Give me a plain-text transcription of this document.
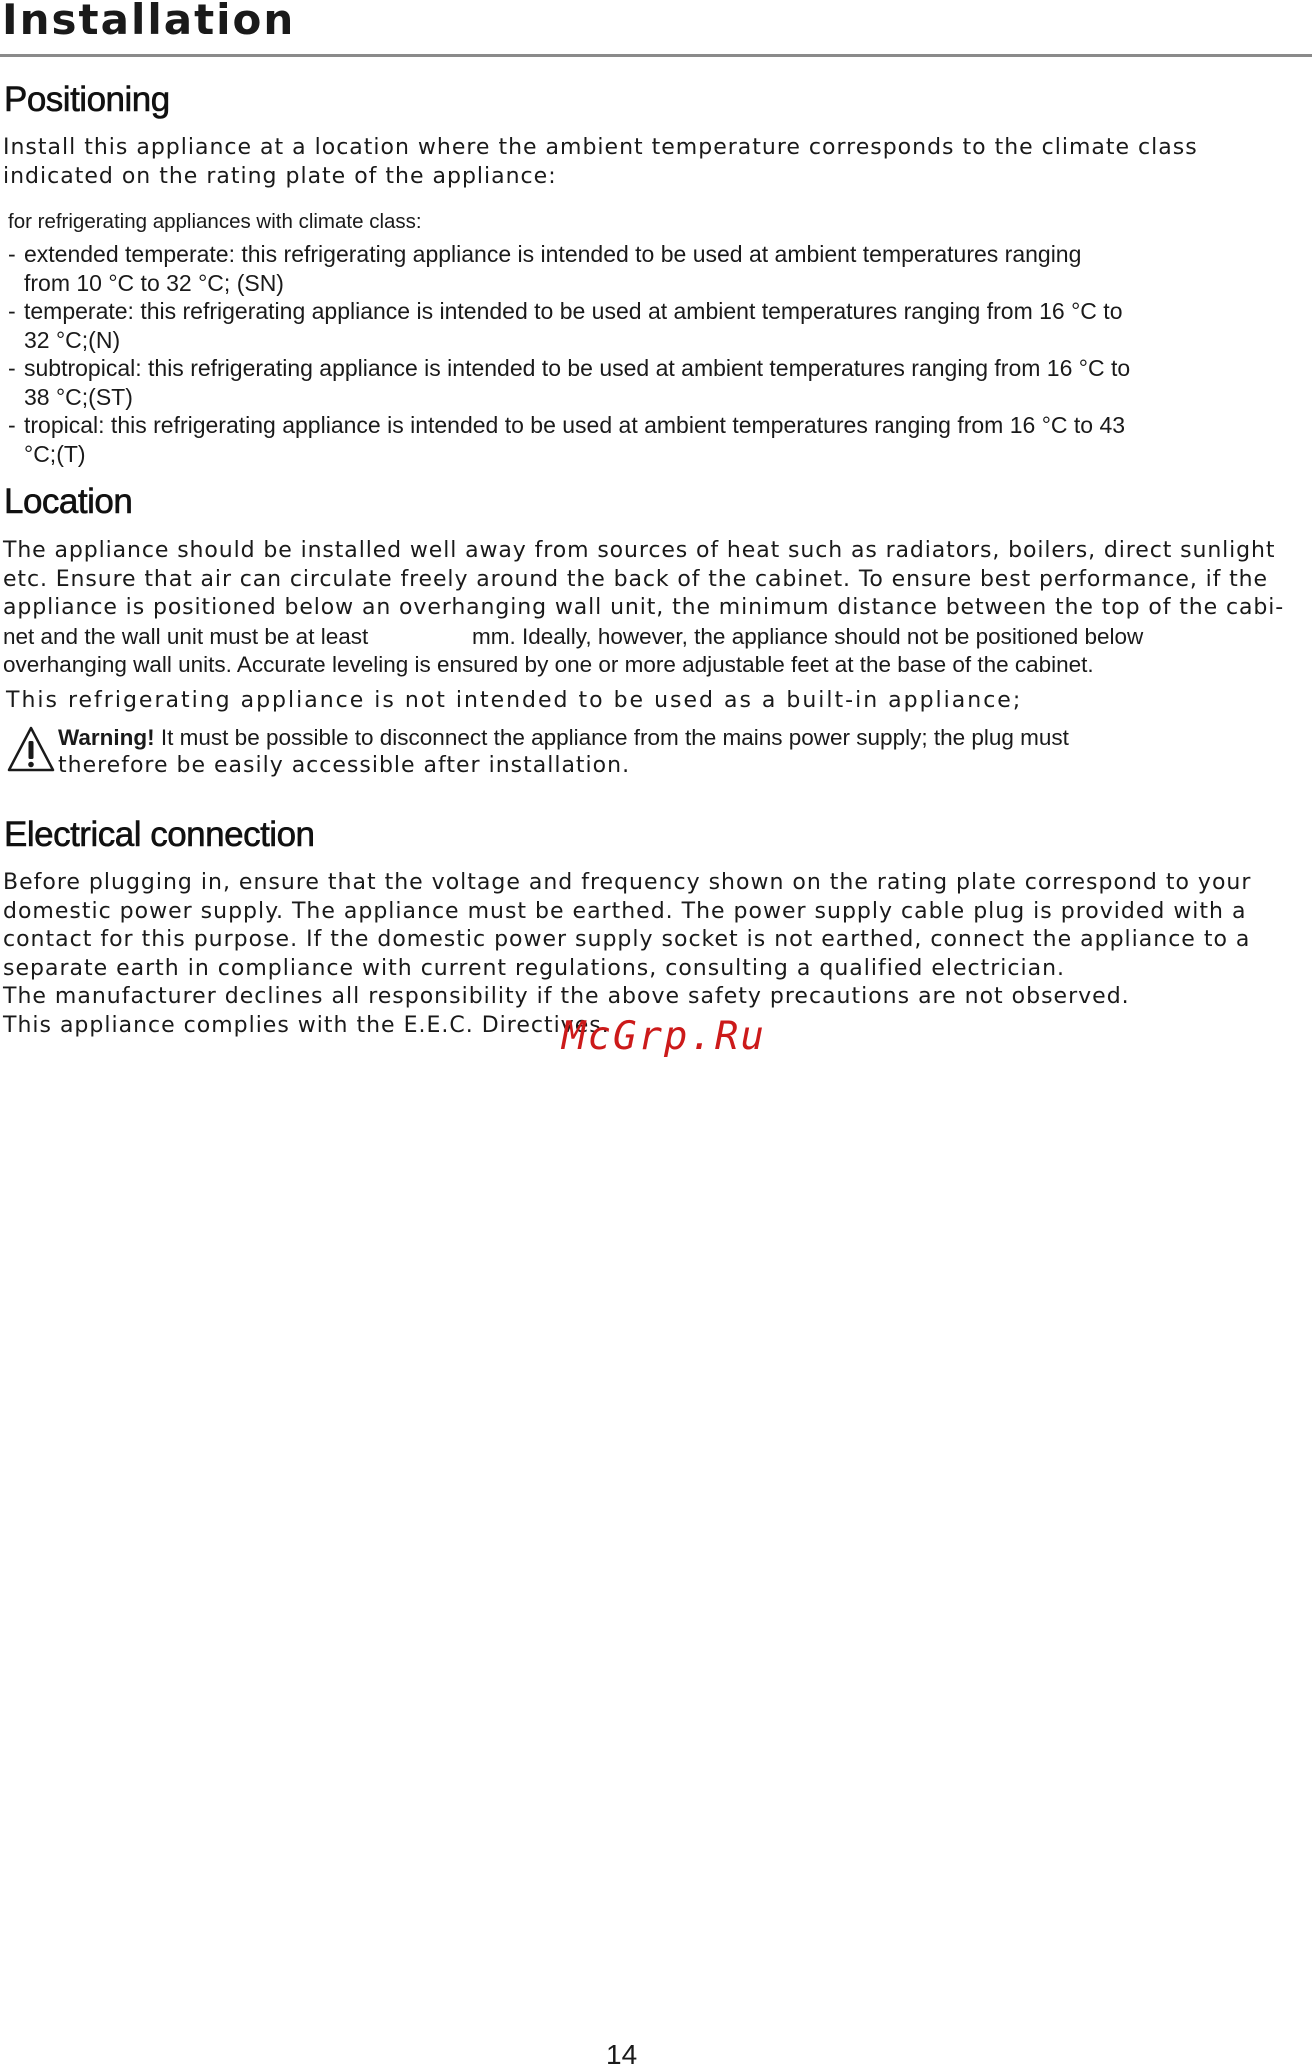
Installation
Positioning

Install this appliance at a location where the ambient temperature corresponds to the climate class

indicated on the rating plate of the appliance:

for refrigerating appliances with climate class:

- extended temperate: this refrigerating appliance is intended to be used at ambient temperatures ranging
from 10 °C to 32 °C; (SN)
- temperate: this refrigerating appliance is intended to be used at ambient temperatures ranging from 16 °C to
32 °C;(N)
- subtropical: this refrigerating appliance is intended to be used at ambient temperatures ranging from 16 °C to
38 °C;(ST)
- tropical: this refrigerating appliance is intended to be used at ambient temperatures ranging from 16 °C to 43
°C;(T)
Location

The appliance should be installed well away from sources of heat such as radiators, boilers, direct sunlight

etc. Ensure that air can circulate freely around the back of the cabinet. To ensure best performance, if the

appliance is positioned below an overhanging wall unit, the minimum distance between the top of the cabi-

net and the wall unit must be at least	mm. Ideally, however, the appliance should not be positioned below

overhanging wall units. Accurate leveling is ensured by one or more adjustable feet at the base of the cabinet.

This refrigerating appliance is not intended to be used as a built-in appliance;

Warning! It must be possible to disconnect the appliance from the mains power supply; the plug must

therefore be easily accessible after installation.

Electrical connection

Before plugging in, ensure that the voltage and frequency shown on the rating plate correspond to your

domestic power supply. The appliance must be earthed. The power supply cable plug is provided with a

contact for this purpose. If the domestic power supply socket is not earthed, connect the appliance to a

separate earth in compliance with current regulations, consulting a qualified electrician.

The manufacturer declines all responsibility if the above safety precautions are not observed.

This appliance complies with the E.E.C. Directives.

McGrp.Ru
14
